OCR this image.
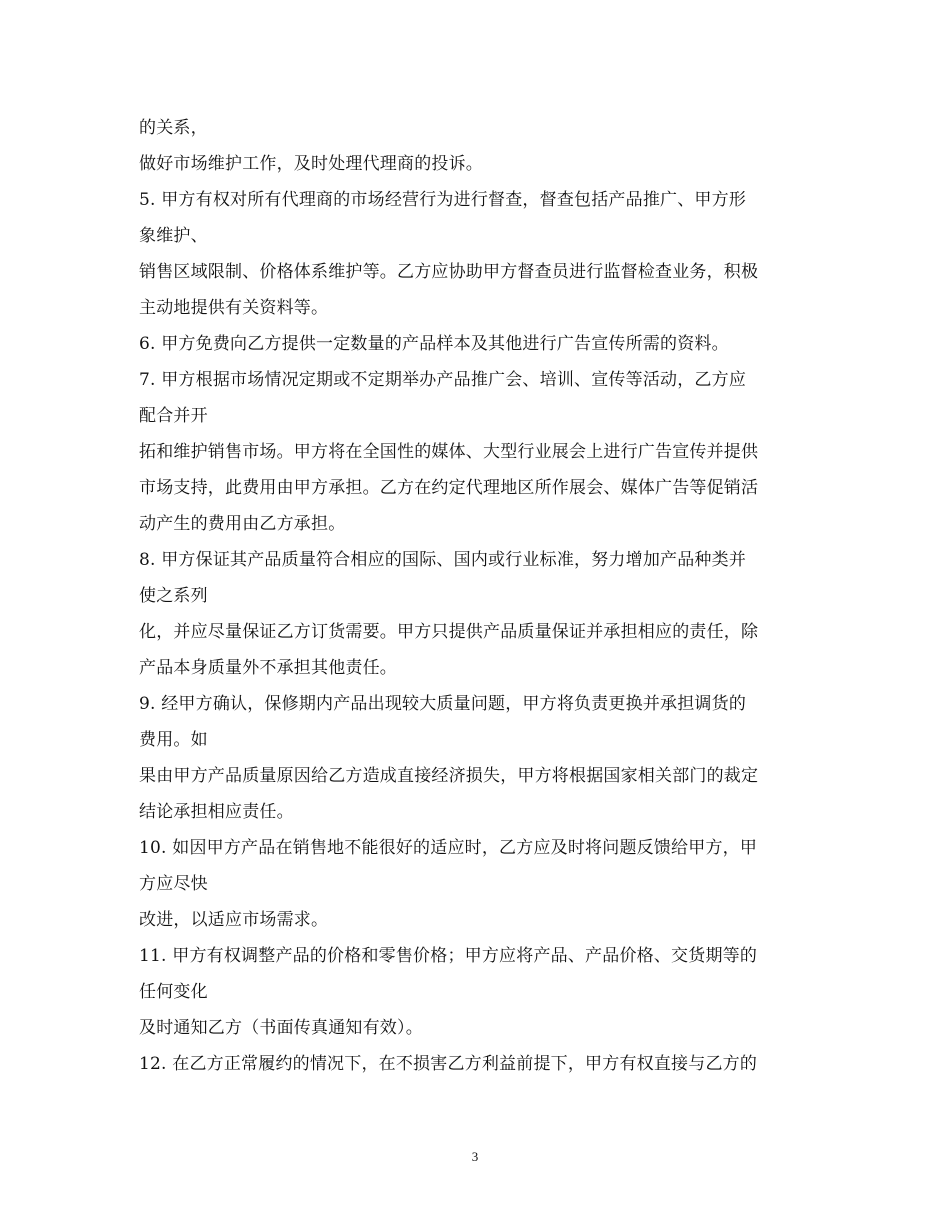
的关系，
做好市场维护工作，及时处理代理商的投诉。
5. 甲方有权对所有代理商的市场经营行为进行督查，督查包括产品推广、甲方形
象维护、
销售区域限制、价格体系维护等。乙方应协助甲方督查员进行监督检查业务，积极
主动地提供有关资料等。
6. 甲方免费向乙方提供一定数量的产品样本及其他进行广告宣传所需的资料。
7. 甲方根据市场情况定期或不定期举办产品推广会、培训、宣传等活动，乙方应
配合并开
拓和维护销售市场。甲方将在全国性的媒体、大型行业展会上进行广告宣传并提供
市场支持，此费用由甲方承担。乙方在约定代理地区所作展会、媒体广告等促销活
动产生的费用由乙方承担。
8. 甲方保证其产品质量符合相应的国际、国内或行业标准，努力增加产品种类并
使之系列
化，并应尽量保证乙方订货需要。甲方只提供产品质量保证并承担相应的责任，除
产品本身质量外不承担其他责任。
9. 经甲方确认，保修期内产品出现较大质量问题，甲方将负责更换并承担调货的
费用。如
果由甲方产品质量原因给乙方造成直接经济损失，甲方将根据国家相关部门的裁定
结论承担相应责任。
10. 如因甲方产品在销售地不能很好的适应时，乙方应及时将问题反馈给甲方，甲
方应尽快
改进，以适应市场需求。
11. 甲方有权调整产品的价格和零售价格；甲方应将产品、产品价格、交货期等的
任何变化
及时通知乙方（书面传真通知有效）。
12. 在乙方正常履约的情况下，在不损害乙方利益前提下，甲方有权直接与乙方的
3
